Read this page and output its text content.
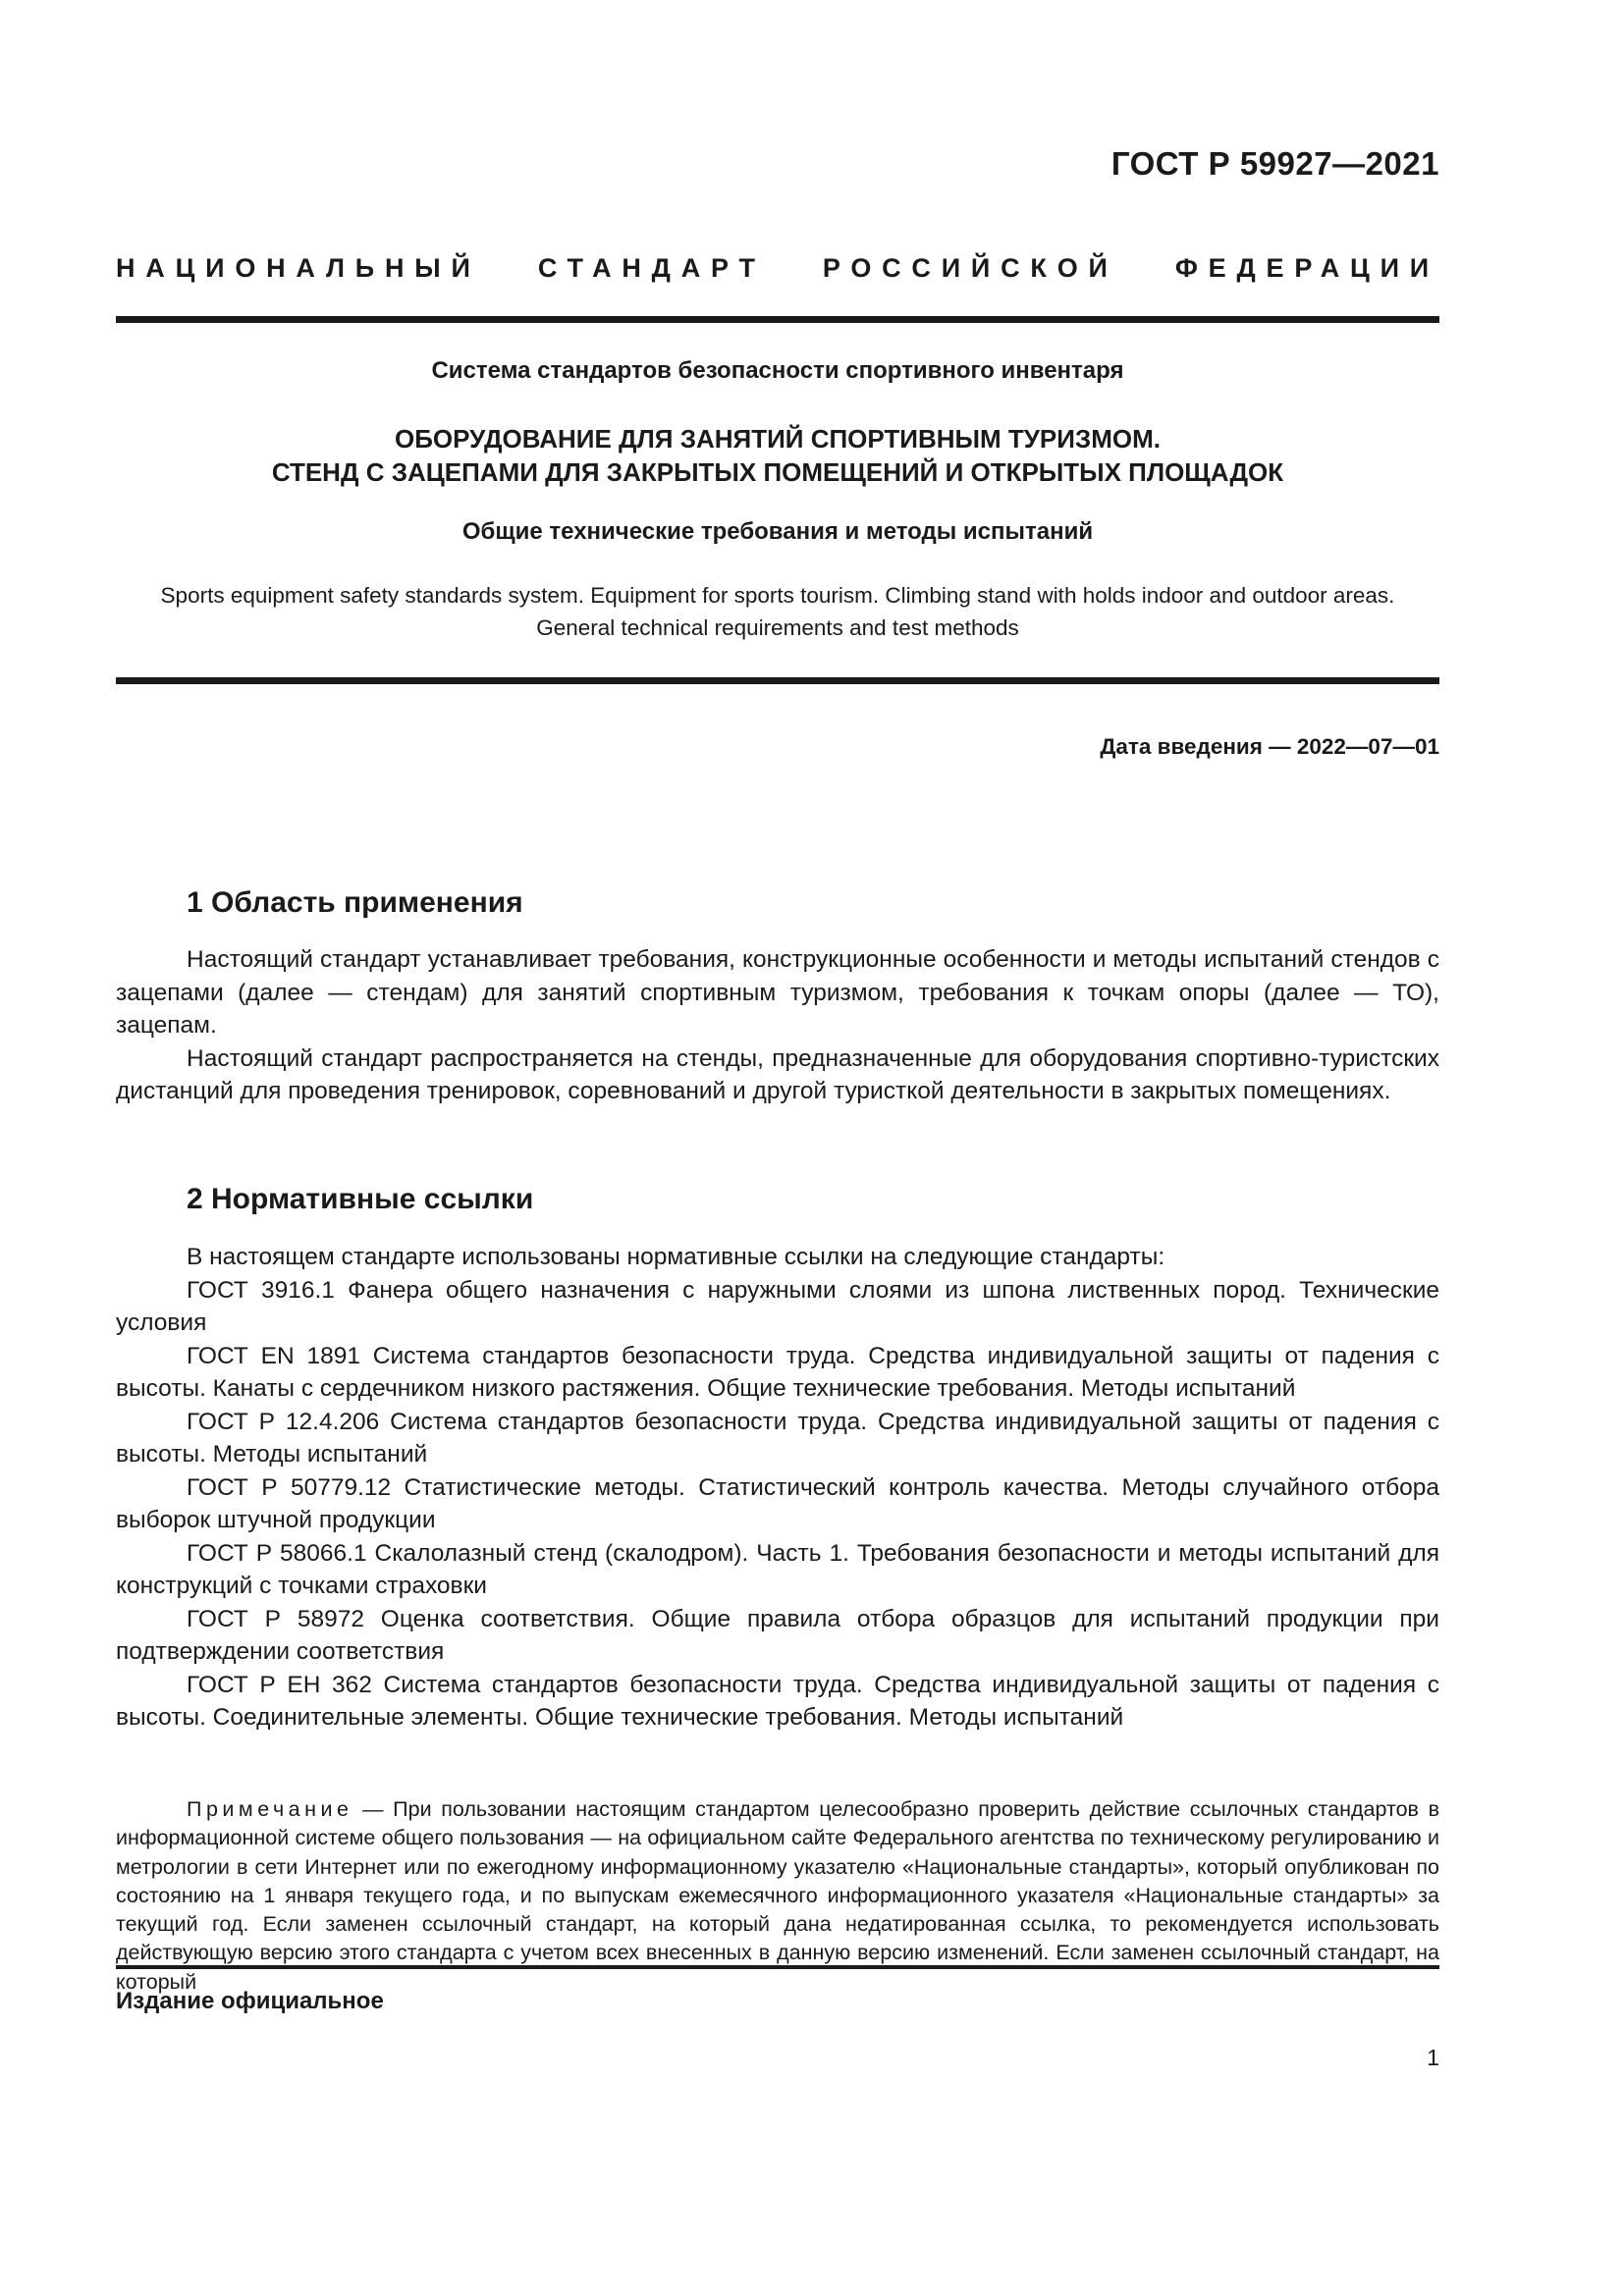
ГОСТ Р 59927—2021
НАЦИОНАЛЬНЫЙ СТАНДАРТ РОССИЙСКОЙ ФЕДЕРАЦИИ
Система стандартов безопасности спортивного инвентаря
ОБОРУДОВАНИЕ ДЛЯ ЗАНЯТИЙ СПОРТИВНЫМ ТУРИЗМОМ.
СТЕНД С ЗАЦЕПАМИ ДЛЯ ЗАКРЫТЫХ ПОМЕЩЕНИЙ И ОТКРЫТЫХ ПЛОЩАДОК
Общие технические требования и методы испытаний
Sports equipment safety standards system. Equipment for sports tourism. Climbing stand with holds indoor and outdoor areas. General technical requirements and test methods
Дата введения — 2022—07—01
1 Область применения

Настоящий стандарт устанавливает требования, конструкционные особенности и методы испытаний стендов с зацепами (далее — стендам) для занятий спортивным туризмом, требования к точкам опоры (далее — ТО), зацепам.

Настоящий стандарт распространяется на стенды, предназначенные для оборудования спортивно-туристских дистанций для проведения тренировок, соревнований и другой туристкой деятельности в закрытых помещениях.

2 Нормативные ссылки

В настоящем стандарте использованы нормативные ссылки на следующие стандарты:

ГОСТ 3916.1 Фанера общего назначения с наружными слоями из шпона лиственных пород. Технические условия

ГОСТ EN 1891 Система стандартов безопасности труда. Средства индивидуальной защиты от падения с высоты. Канаты с сердечником низкого растяжения. Общие технические требования. Методы испытаний

ГОСТ Р 12.4.206 Система стандартов безопасности труда. Средства индивидуальной защиты от падения с высоты. Методы испытаний

ГОСТ Р 50779.12 Статистические методы. Статистический контроль качества. Методы случайного отбора выборок штучной продукции

ГОСТ Р 58066.1 Скалолазный стенд (скалодром). Часть 1. Требования безопасности и методы испытаний для конструкций с точками страховки

ГОСТ Р 58972 Оценка соответствия. Общие правила отбора образцов для испытаний продукции при подтверждении соответствия

ГОСТ Р ЕН 362 Система стандартов безопасности труда. Средства индивидуальной защиты от падения с высоты. Соединительные элементы. Общие технические требования. Методы испытаний

Примечание — При пользовании настоящим стандартом целесообразно проверить действие ссылочных стандартов в информационной системе общего пользования — на официальном сайте Федерального агентства по техническому регулированию и метрологии в сети Интернет или по ежегодному информационному указателю «Национальные стандарты», который опубликован по состоянию на 1 января текущего года, и по выпускам ежемесячного информационного указателя «Национальные стандарты» за текущий год. Если заменен ссылочный стандарт, на который дана недатированная ссылка, то рекомендуется использовать действующую версию этого стандарта с учетом всех внесенных в данную версию изменений. Если заменен ссылочный стандарт, на который

Издание официальное
1
